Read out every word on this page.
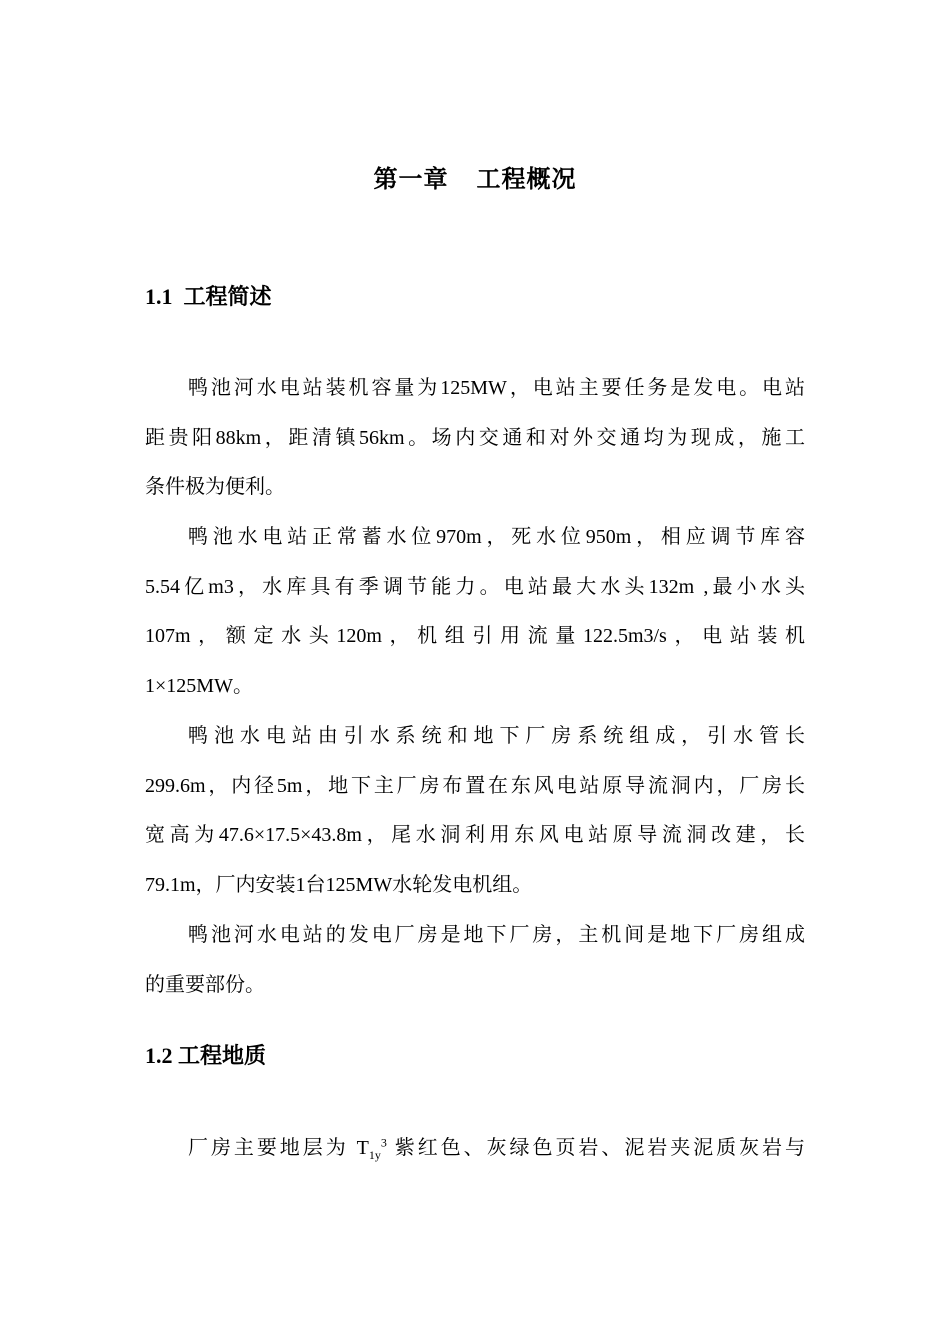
第一章    工程概况
1.1  工程简述
鸭池河水电站装机容量为125MW，电站主要任务是发电。电站
距贵阳88km，距清镇56km。场内交通和对外交通均为现成，施工
条件极为便利。
鸭池水电站正常蓄水位970m，死水位950m，相应调节库容
5.54亿m3，水库具有季调节能力。电站最大水头132m ,最小水头
107m，额定水头120m，机组引用流量122.5m3/s，电站装机
1×125MW。
鸭池水电站由引水系统和地下厂房系统组成，引水管长
299.6m，内径5m，地下主厂房布置在东风电站原导流洞内，厂房长
宽高为47.6×17.5×43.8m，尾水洞利用东风电站原导流洞改建，长
79.1m，厂内安装1台125MW水轮发电机组。
鸭池河水电站的发电厂房是地下厂房，主机间是地下厂房组成
的重要部份。
1.2 工程地质
厂房主要地层为 $T_{1y}^3$ 紫红色、灰绿色页岩、泥岩夹泥质灰岩与
